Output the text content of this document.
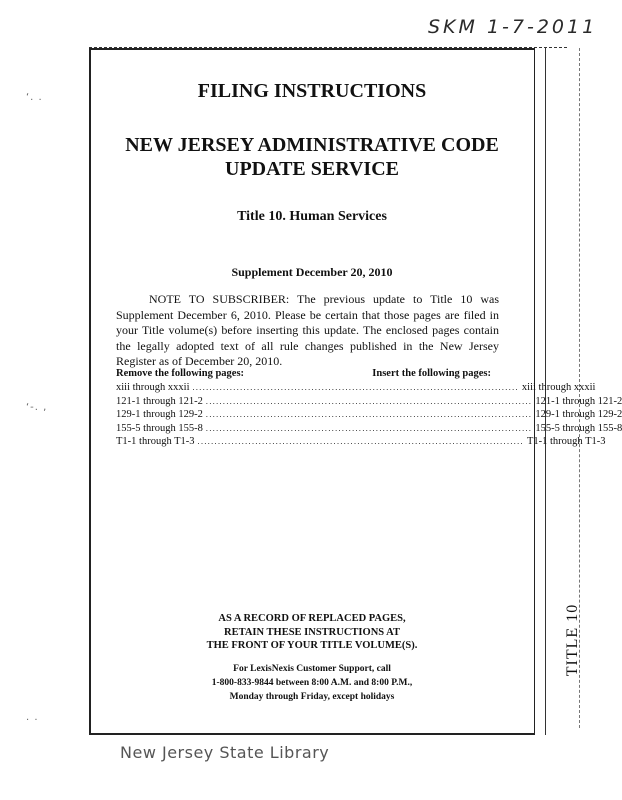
SKM 1-7-2011
‘. .
‘-. ,
. .
FILING INSTRUCTIONS
NEW JERSEY ADMINISTRATIVE CODE
UPDATE SERVICE
Title 10. Human Services
Supplement December 20, 2010
NOTE TO SUBSCRIBER: The previous update to Title 10 was Supplement December 6, 2010. Please be certain that those pages are filed in your Title volume(s) before inserting this update. The enclosed pages contain the legally adopted text of all rule changes published in the New Jersey Register as of December 20, 2010.
Remove the following pages:	Insert the following pages:
xiii through xxxii ................................................................................................ xiii through xxxii
121-1 through 121-2 ................................................................................................ 121-1 through 121-2
129-1 through 129-2 ................................................................................................ 129-1 through 129-2
155-5 through 155-8 ................................................................................................ 155-5 through 155-8
T1-1 through T1-3 ................................................................................................ T1-1 through T1-3
AS A RECORD OF REPLACED PAGES,
RETAIN THESE INSTRUCTIONS AT
THE FRONT OF YOUR TITLE VOLUME(S).
For LexisNexis Customer Support, call
1-800-833-9844 between 8:00 A.M. and 8:00 P.M.,
Monday through Friday, except holidays
TITLE 10
New Jersey State Library
